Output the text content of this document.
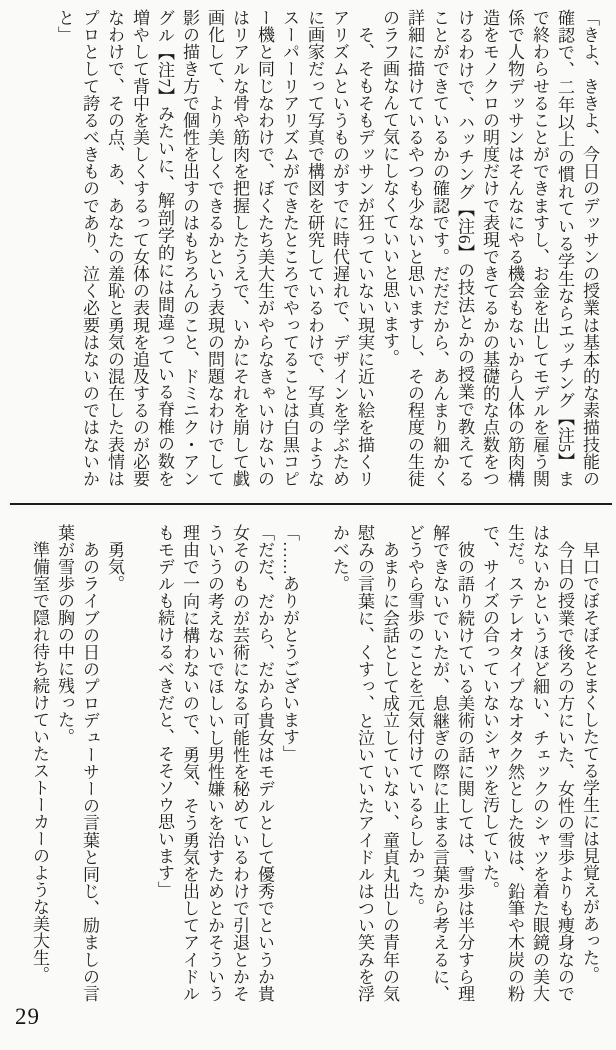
「きよ、ききよ、今日のデッサンの授業は基本的な素描技能の確認で、二年以上の慣れている学生ならエッチング【注5】まで終わらせることができますし、お金を出してモデルを雇う関係で人物デッサンはそんなにやる機会もないから人体の筋肉構造をモノクロの明度だけで表現できてるかの基礎的な点数をつけるわけで、ハッチング【注6】の技法とかの授業で教えてることができているかの確認です。だだだから、あんまり細かく詳細に描けているやつも少ないと思いますし、その程度の生徒のラフ画なんて気にしなくていいと思います。

そ、そもそもデッサンが狂っていない現実に近い絵を描くリアリズムというものがすでに時代遅れで、デザインを学ぶために画家だって写真で構図を研究しているわけで、写真のようなスーパーリアリズムができたところでやってることは白黒コピー機と同じなわけで、ぼくたち美大生がやらなきゃいけないのはリアルな骨や筋肉を把握したうえで、いかにそれを崩して戯画化して、より美しくできるかという表現の問題なわけでして影の描き方で個性を出すのはもちろんのこと、ドミニク・アングル【注7】みたいに、解剖学的には間違っている脊椎の数を増やして背中を美しくするって女体の表現を追及するのが必要なわけで、その点、あ、あなたの羞恥と勇気の混在した表情はプロとして誇るべきものであり、泣く必要はないのではないかと」

早口でぼそぼそとまくしたてる学生には見覚えがあった。

今日の授業で後ろの方にいた、女性の雪歩よりも痩身なのではないかというほど細い、チェックのシャツを着た眼鏡の美大生だ。ステレオタイプなオタク然とした彼は、鉛筆や木炭の粉で、サイズの合っていないシャツを汚していた。

彼の語り続けている美術の話に関しては、雪歩は半分すら理解できないでいたが、息継ぎの際に止まる言葉から考えるに、どうやら雪歩のことを元気付けているらしかった。

あまりに会話として成立していない、童貞丸出しの青年の気慰みの言葉に、くすっ、と泣いていたアイドルはつい笑みを浮かべた。

「……ありがとうございます」

「だだ、だから、だから貴女はモデルとして優秀でというか貴女そのものが芸術になる可能性を秘めているわけで引退とかそういうの考えないでほしいし男性嫌いを治すためとかそういう理由で一向に構わないので、勇気、そう勇気を出してアイドルもモデルも続けるべきだと、そそソウ思います」

勇気。

あのライブの日のプロデューサーの言葉と同じ、励ましの言葉が雪歩の胸の中に残った。

準備室で隠れ待ち続けていたストーカーのような美大生。

29
